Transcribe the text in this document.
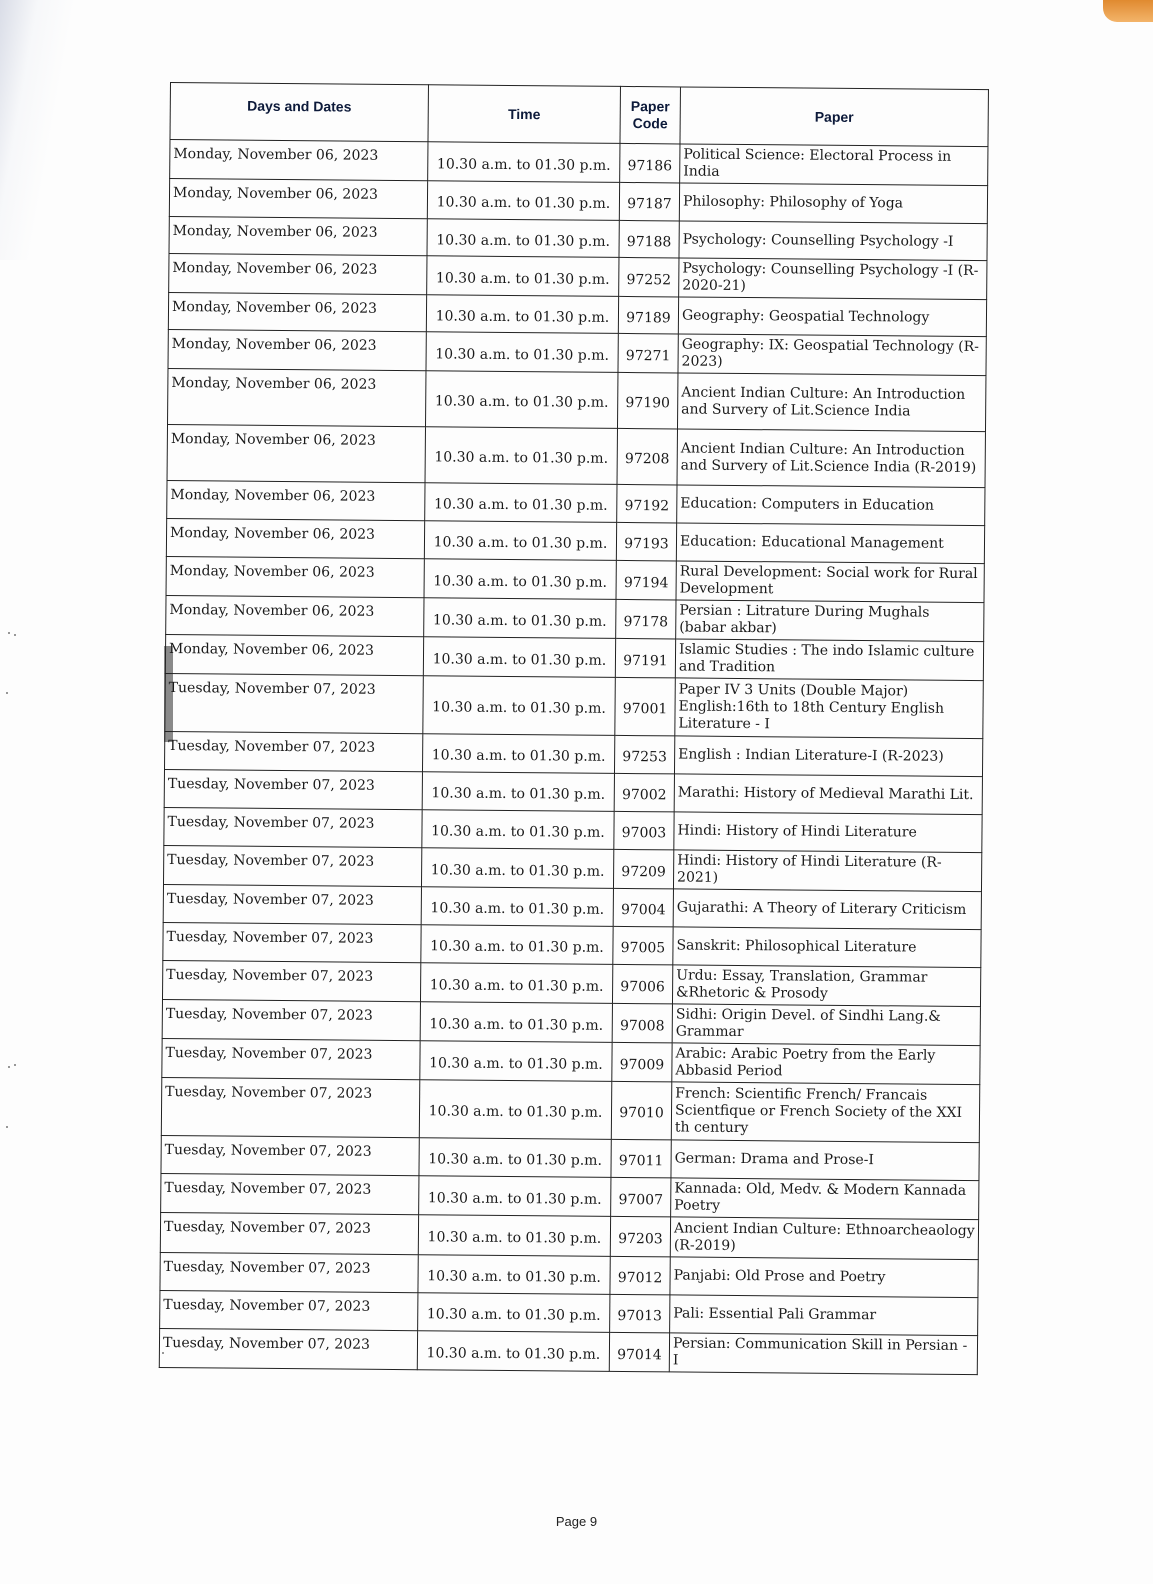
Days and Dates	Time	Paper Code	Paper
Monday, November 06, 2023	10.30 a.m. to 01.30 p.m.	97186	Political Science: Electoral Process in India
Monday, November 06, 2023	10.30 a.m. to 01.30 p.m.	97187	Philosophy: Philosophy of Yoga
Monday, November 06, 2023	10.30 a.m. to 01.30 p.m.	97188	Psychology: Counselling Psychology -I
Monday, November 06, 2023	10.30 a.m. to 01.30 p.m.	97252	Psychology: Counselling Psychology -I (R-2020-21)
Monday, November 06, 2023	10.30 a.m. to 01.30 p.m.	97189	Geography: Geospatial Technology
Monday, November 06, 2023	10.30 a.m. to 01.30 p.m.	97271	Geography: IX: Geospatial Technology (R-2023)
Monday, November 06, 2023	10.30 a.m. to 01.30 p.m.	97190	Ancient Indian Culture: An Introduction and Survery of Lit.Science India
Monday, November 06, 2023	10.30 a.m. to 01.30 p.m.	97208	Ancient Indian Culture: An Introduction and Survery of Lit.Science India (R-2019)
Monday, November 06, 2023	10.30 a.m. to 01.30 p.m.	97192	Education: Computers in Education
Monday, November 06, 2023	10.30 a.m. to 01.30 p.m.	97193	Education: Educational Management
Monday, November 06, 2023	10.30 a.m. to 01.30 p.m.	97194	Rural Development: Social work for Rural Development
Monday, November 06, 2023	10.30 a.m. to 01.30 p.m.	97178	Persian : Litrature During Mughals (babar akbar)
Monday, November 06, 2023	10.30 a.m. to 01.30 p.m.	97191	Islamic Studies : The indo Islamic culture and Tradition
Tuesday, November 07, 2023	10.30 a.m. to 01.30 p.m.	97001	Paper IV 3 Units (Double Major) English:16th to 18th Century English Literature - I
Tuesday, November 07, 2023	10.30 a.m. to 01.30 p.m.	97253	English : Indian Literature-I (R-2023)
Tuesday, November 07, 2023	10.30 a.m. to 01.30 p.m.	97002	Marathi: History of Medieval Marathi Lit.
Tuesday, November 07, 2023	10.30 a.m. to 01.30 p.m.	97003	Hindi: History of Hindi Literature
Tuesday, November 07, 2023	10.30 a.m. to 01.30 p.m.	97209	Hindi: History of Hindi Literature (R-2021)
Tuesday, November 07, 2023	10.30 a.m. to 01.30 p.m.	97004	Gujarathi: A Theory of Literary Criticism
Tuesday, November 07, 2023	10.30 a.m. to 01.30 p.m.	97005	Sanskrit: Philosophical Literature
Tuesday, November 07, 2023	10.30 a.m. to 01.30 p.m.	97006	Urdu: Essay, Translation, Grammar &Rhetoric & Prosody
Tuesday, November 07, 2023	10.30 a.m. to 01.30 p.m.	97008	Sidhi: Origin Devel. of Sindhi Lang.& Grammar
Tuesday, November 07, 2023	10.30 a.m. to 01.30 p.m.	97009	Arabic: Arabic Poetry from the Early Abbasid Period
Tuesday, November 07, 2023	10.30 a.m. to 01.30 p.m.	97010	French: Scientific French/ Francais Scientfique or French Society of the XXI th century
Tuesday, November 07, 2023	10.30 a.m. to 01.30 p.m.	97011	German: Drama and Prose-I
Tuesday, November 07, 2023	10.30 a.m. to 01.30 p.m.	97007	Kannada: Old, Medv. & Modern Kannada Poetry
Tuesday, November 07, 2023	10.30 a.m. to 01.30 p.m.	97203	Ancient Indian Culture: Ethnoarcheaology (R-2019)
Tuesday, November 07, 2023	10.30 a.m. to 01.30 p.m.	97012	Panjabi: Old Prose and Poetry
Tuesday, November 07, 2023	10.30 a.m. to 01.30 p.m.	97013	Pali: Essential Pali Grammar
Tuesday, November 07, 2023	10.30 a.m. to 01.30 p.m.	97014	Persian: Communication Skill in Persian - I
Page 9
